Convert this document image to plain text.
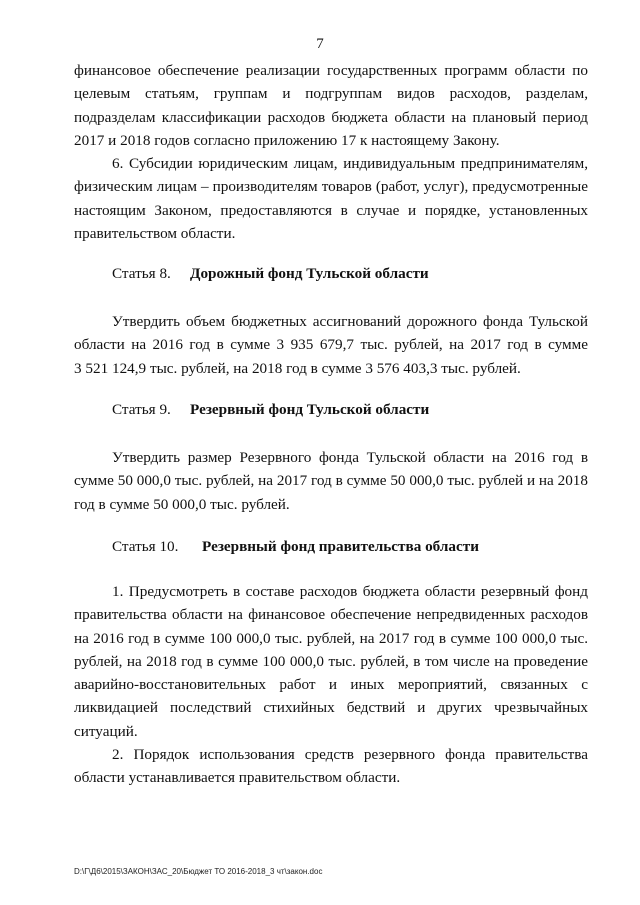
7
финансовое обеспечение реализации государственных программ области по
целевым статьям, группам и подгруппам видов расходов, разделам,
подразделам классификации расходов бюджета области на плановый период
2017 и 2018 годов согласно приложению 17 к настоящему Закону.
6. Субсидии юридическим лицам, индивидуальным предпринимателям,
физическим лицам – производителям товаров (работ, услуг), предусмотренные
настоящим Законом, предоставляются в случае и порядке, установленных
правительством области.
Статья 8. Дорожный фонд Тульской области
Утвердить объем бюджетных ассигнований дорожного фонда Тульской
области на 2016 год в сумме 3 935 679,7 тыс. рублей, на 2017 год в сумме
3 521 124,9 тыс. рублей, на 2018 год в сумме 3 576 403,3 тыс. рублей.
Статья 9. Резервный фонд Тульской области
Утвердить размер Резервного фонда Тульской области на 2016 год в
сумме 50 000,0 тыс. рублей, на 2017 год в сумме 50 000,0 тыс. рублей и на 2018
год в сумме 50 000,0 тыс. рублей.
Статья 10. Резервный фонд правительства области
1. Предусмотреть в составе расходов бюджета области резервный фонд
правительства области на финансовое обеспечение непредвиденных расходов
на 2016 год в сумме 100 000,0 тыс. рублей, на 2017 год в сумме 100 000,0 тыс.
рублей, на 2018 год в сумме 100 000,0 тыс. рублей, в том числе на проведение
аварийно-восстановительных работ и иных мероприятий, связанных с
ликвидацией последствий стихийных бедствий и других чрезвычайных
ситуаций.
2. Порядок использования средств резервного фонда правительства
области устанавливается правительством области.
D:\Г\Д6\2015\ЗАКОН\ЗАС_20\Бюджет ТО 2016-2018_3 чт\закон.doc
